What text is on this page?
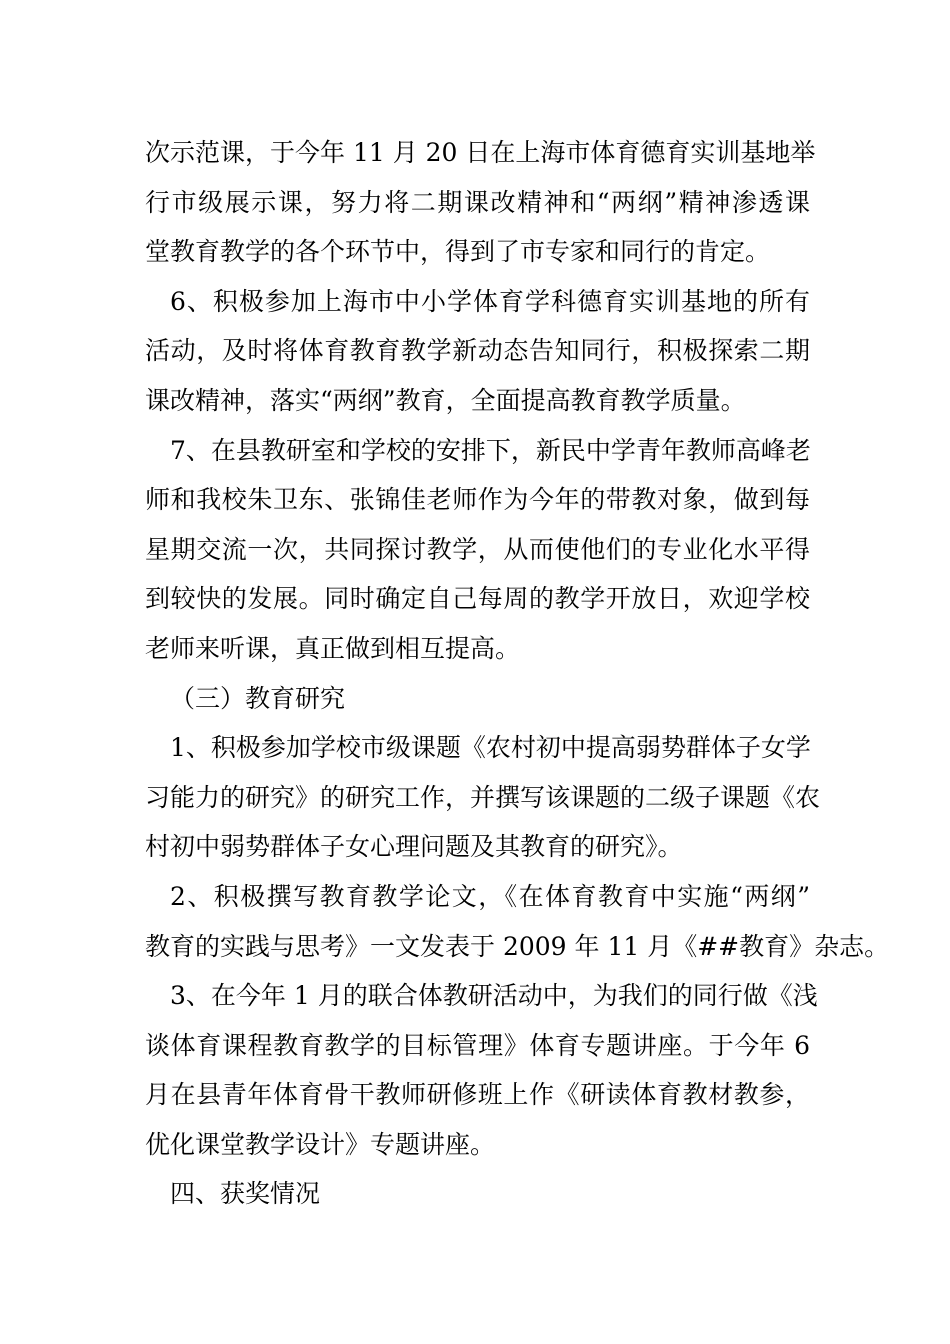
次示范课，于今年 11 月 20 日在上海市体育德育实训基地举
行市级展示课，努力将二期课改精神和“两纲”精神渗透课
堂教育教学的各个环节中，得到了市专家和同行的肯定。
6、积极参加上海市中小学体育学科德育实训基地的所有
活动，及时将体育教育教学新动态告知同行，积极探索二期
课改精神，落实“两纲”教育，全面提高教育教学质量。
7、在县教研室和学校的安排下，新民中学青年教师高峰老
师和我校朱卫东、张锦佳老师作为今年的带教对象，做到每
星期交流一次，共同探讨教学，从而使他们的专业化水平得
到较快的发展。同时确定自己每周的教学开放日，欢迎学校
老师来听课，真正做到相互提高。
（三）教育研究
1、积极参加学校市级课题《农村初中提高弱势群体子女学
习能力的研究》的研究工作，并撰写该课题的二级子课题《农
村初中弱势群体子女心理问题及其教育的研究》。
2、积极撰写教育教学论文，《在体育教育中实施“两纲”
教育的实践与思考》一文发表于 2009 年 11 月《##教育》杂志。
3、在今年 1 月的联合体教研活动中，为我们的同行做《浅
谈体育课程教育教学的目标管理》体育专题讲座。于今年 6
月在县青年体育骨干教师研修班上作《研读体育教材教参，
优化课堂教学设计》专题讲座。
四、获奖情况
